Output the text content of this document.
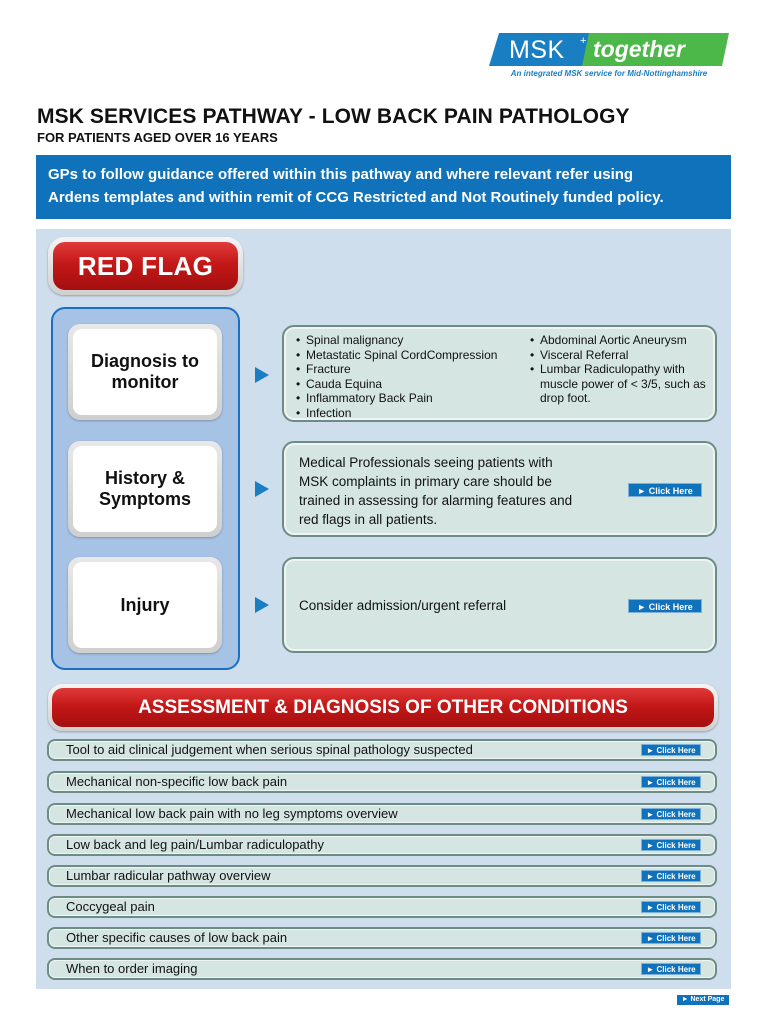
MSK + together
An integrated MSK service for Mid-Nottinghamshire
MSK SERVICES PATHWAY - LOW BACK PAIN PATHOLOGY
FOR PATIENTS AGED OVER 16 YEARS
GPs to follow guidance offered within this pathway and where relevant refer using
Ardens templates and within remit of CCG Restricted and Not Routinely funded policy.
RED FLAG
Diagnosis to
monitor
• Spinal malignancy
• Metastatic Spinal CordCompression
• Fracture
• Cauda Equina
• Inflammatory Back Pain
• Infection
• Abdominal Aortic Aneurysm
• Visceral Referral
• Lumbar Radiculopathy with muscle power of < 3/5, such as drop foot.
History &
Symptoms
Medical Professionals seeing patients with
MSK complaints in primary care should be
trained in assessing for alarming features and
red flags in all patients.
► Click Here
Injury	Consider admission/urgent referral	► Click Here
ASSESSMENT & DIAGNOSIS OF OTHER CONDITIONS
Tool to aid clinical judgement when serious spinal pathology suspected	► Click Here
Mechanical non-specific low back pain	► Click Here
Mechanical low back pain with no leg symptoms overview	► Click Here
Low back and leg pain/Lumbar radiculopathy	► Click Here
Lumbar radicular pathway overview	► Click Here
Coccygeal pain	► Click Here
Other specific causes of low back pain	► Click Here
When to order imaging	► Click Here
► Next Page
